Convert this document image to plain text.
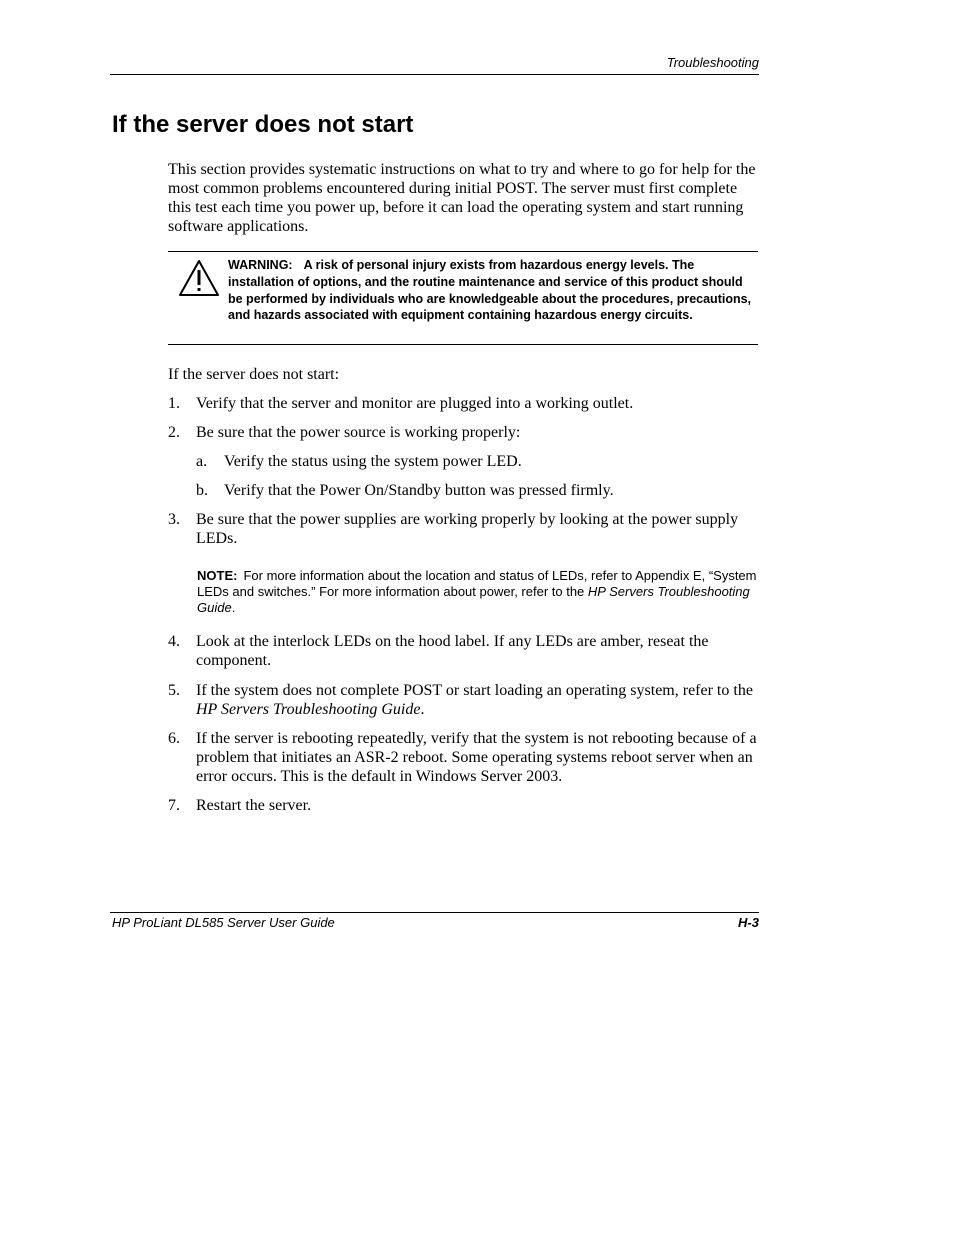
Troubleshooting
If the server does not start

This section provides systematic instructions on what to try and where to go for help for the most common problems encountered during initial POST. The server must first complete this test each time you power up, before it can load the operating system and start running software applications.

WARNING: A risk of personal injury exists from hazardous energy levels. The installation of options, and the routine maintenance and service of this product should be performed by individuals who are knowledgeable about the procedures, precautions, and hazards associated with equipment containing hazardous energy circuits.

If the server does not start:

1. Verify that the server and monitor are plugged into a working outlet.
2. Be sure that the power source is working properly:
a. Verify the status using the system power LED.
b. Verify that the Power On/Standby button was pressed firmly.
3. Be sure that the power supplies are working properly by looking at the power supply LEDs.
NOTE: For more information about the location and status of LEDs, refer to Appendix E, “System LEDs and switches.” For more information about power, refer to the HP Servers Troubleshooting Guide.
4. Look at the interlock LEDs on the hood label. If any LEDs are amber, reseat the component.
5. If the system does not complete POST or start loading an operating system, refer to the HP Servers Troubleshooting Guide.
6. If the server is rebooting repeatedly, verify that the system is not rebooting because of a problem that initiates an ASR-2 reboot. Some operating systems reboot server when an error occurs. This is the default in Windows Server 2003.
7. Restart the server.
HP ProLiant DL585 Server User Guide	H-3
